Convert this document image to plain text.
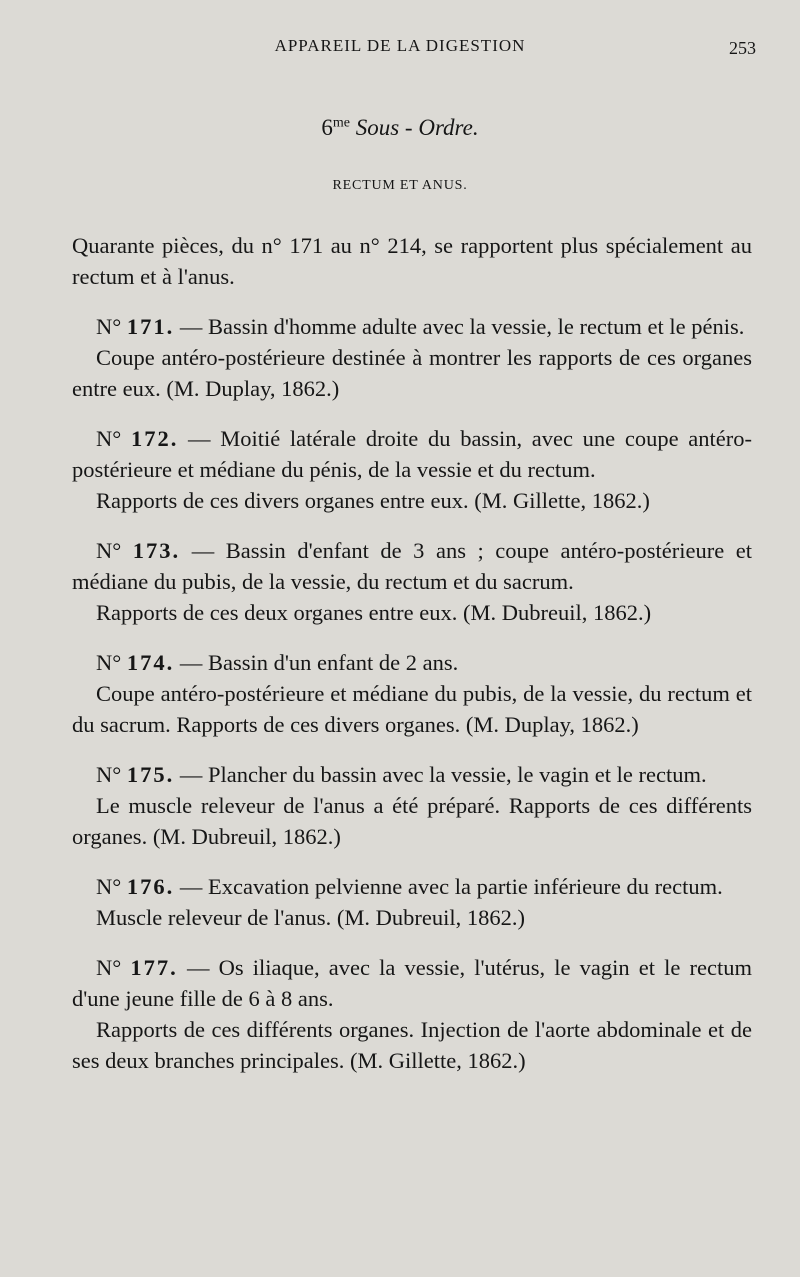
APPAREIL DE LA DIGESTION	253
$6^{me}$ Sous - Ordre.
RECTUM ET ANUS.

Quarante pièces, du n° 171 au n° 214, se rapportent plus spécialement au rectum et à l'anus.

N° 171. — Bassin d'homme adulte avec la vessie, le rectum et le pénis.

Coupe antéro-postérieure destinée à montrer les rapports de ces organes entre eux. (M. Duplay, 1862.)

N° 172. — Moitié latérale droite du bassin, avec une coupe antéro-postérieure et médiane du pénis, de la vessie et du rectum.

Rapports de ces divers organes entre eux. (M. Gillette, 1862.)

N° 173. — Bassin d'enfant de 3 ans ; coupe antéro-postérieure et médiane du pubis, de la vessie, du rectum et du sacrum.

Rapports de ces deux organes entre eux. (M. Dubreuil, 1862.)

N° 174. — Bassin d'un enfant de 2 ans.

Coupe antéro-postérieure et médiane du pubis, de la vessie, du rectum et du sacrum. Rapports de ces divers organes. (M. Duplay, 1862.)

N° 175. — Plancher du bassin avec la vessie, le vagin et le rectum.

Le muscle releveur de l'anus a été préparé. Rapports de ces différents organes. (M. Dubreuil, 1862.)

N° 176. — Excavation pelvienne avec la partie inférieure du rectum.

Muscle releveur de l'anus. (M. Dubreuil, 1862.)

N° 177. — Os iliaque, avec la vessie, l'utérus, le vagin et le rectum d'une jeune fille de 6 à 8 ans.

Rapports de ces différents organes. Injection de l'aorte abdominale et de ses deux branches principales. (M. Gillette, 1862.)
